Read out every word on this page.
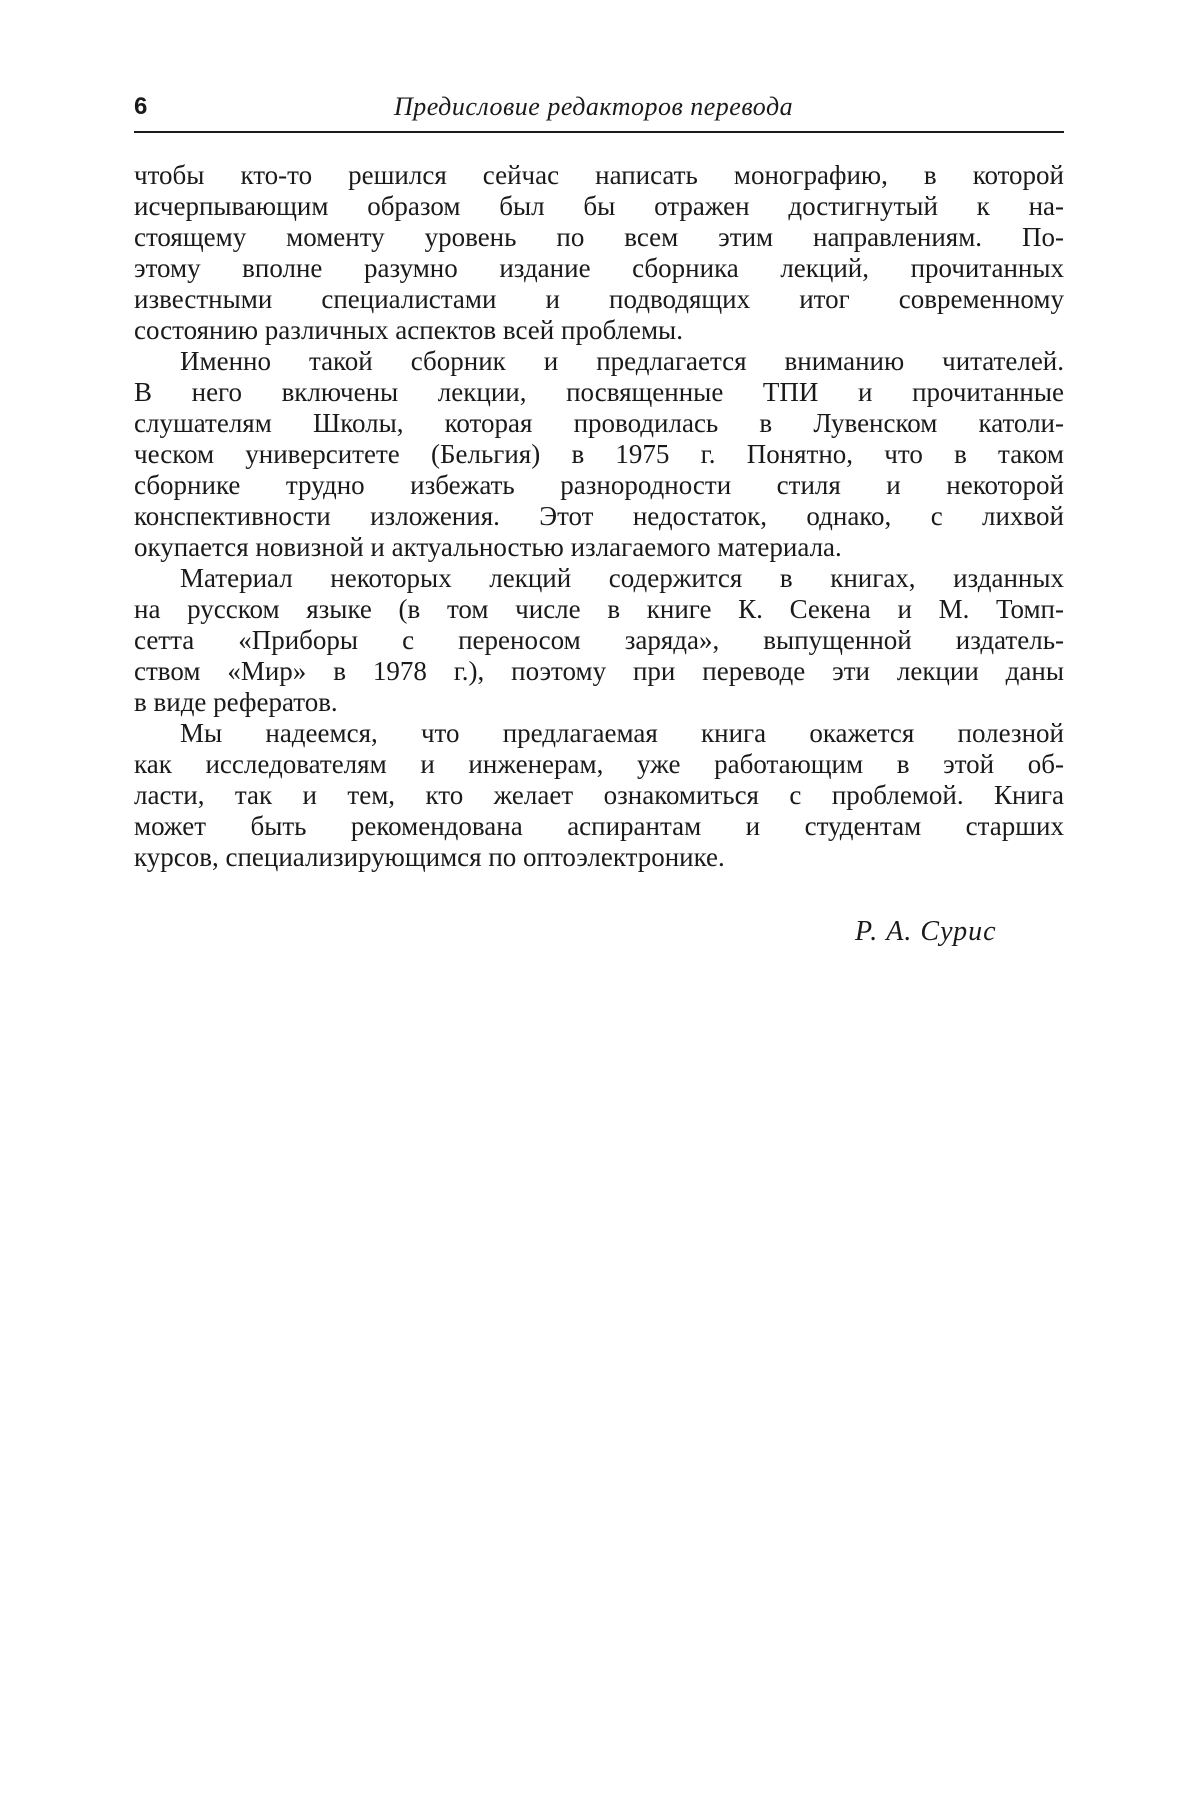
6	Предисловие редакторов перевода
чтобы кто-то решился сейчас написать монографию, в которой
исчерпывающим образом был бы отражен достигнутый к на-
стоящему моменту уровень по всем этим направлениям. По-
этому вполне разумно издание сборника лекций, прочитанных
известными специалистами и подводящих итог современному
состоянию различных аспектов всей проблемы.
Именно такой сборник и предлагается вниманию читателей.
В него включены лекции, посвященные ТПИ и прочитанные
слушателям Школы, которая проводилась в Лувенском католи-
ческом университете (Бельгия) в 1975 г. Понятно, что в таком
сборнике трудно избежать разнородности стиля и некоторой
конспективности изложения. Этот недостаток, однако, с лихвой
окупается новизной и актуальностью излагаемого материала.
Материал некоторых лекций содержится в книгах, изданных
на русском языке (в том числе в книге К. Секена и М. Томп-
сетта «Приборы с переносом заряда», выпущенной издатель-
ством «Мир» в 1978 г.), поэтому при переводе эти лекции даны
в виде рефератов.
Мы надеемся, что предлагаемая книга окажется полезной
как исследователям и инженерам, уже работающим в этой об-
ласти, так и тем, кто желает ознакомиться с проблемой. Книга
может быть рекомендована аспирантам и студентам старших
курсов, специализирующимся по оптоэлектронике.
Р. А. Сурис
